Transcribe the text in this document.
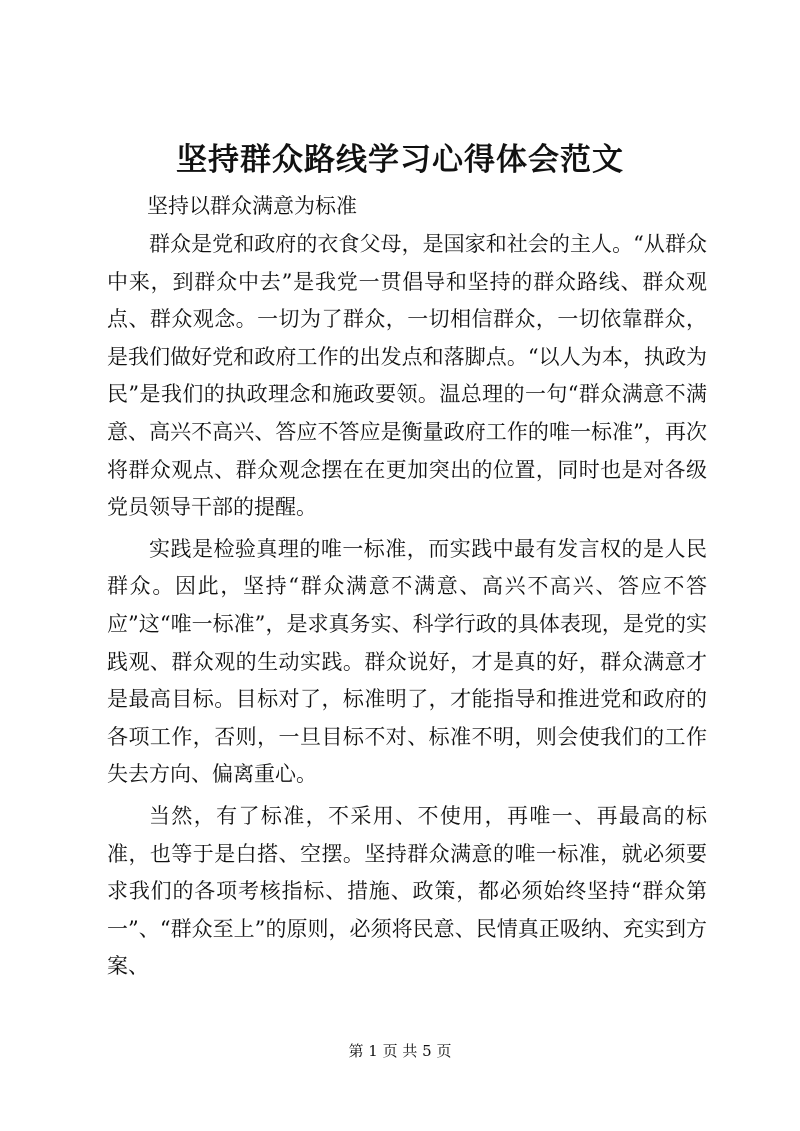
坚持群众路线学习心得体会范文

坚持以群众满意为标准

群众是党和政府的衣食父母，是国家和社会的主人。“从群众中来，到群众中去”是我党一贯倡导和坚持的群众路线、群众观点、群众观念。一切为了群众，一切相信群众，一切依靠群众，是我们做好党和政府工作的出发点和落脚点。“以人为本，执政为民”是我们的执政理念和施政要领。温总理的一句“群众满意不满意、高兴不高兴、答应不答应是衡量政府工作的唯一标准”，再次将群众观点、群众观念摆在在更加突出的位置，同时也是对各级党员领导干部的提醒。

实践是检验真理的唯一标准，而实践中最有发言权的是人民群众。因此，坚持“群众满意不满意、高兴不高兴、答应不答应”这“唯一标准”，是求真务实、科学行政的具体表现，是党的实践观、群众观的生动实践。群众说好，才是真的好，群众满意才是最高目标。目标对了，标准明了，才能指导和推进党和政府的各项工作，否则，一旦目标不对、标准不明，则会使我们的工作失去方向、偏离重心。

当然，有了标准，不采用、不使用，再唯一、再最高的标准，也等于是白搭、空摆。坚持群众满意的唯一标准，就必须要求我们的各项考核指标、措施、政策，都必须始终坚持“群众第一”、“群众至上”的原则，必须将民意、民情真正吸纳、充实到方案、

第 1 页 共 5 页
